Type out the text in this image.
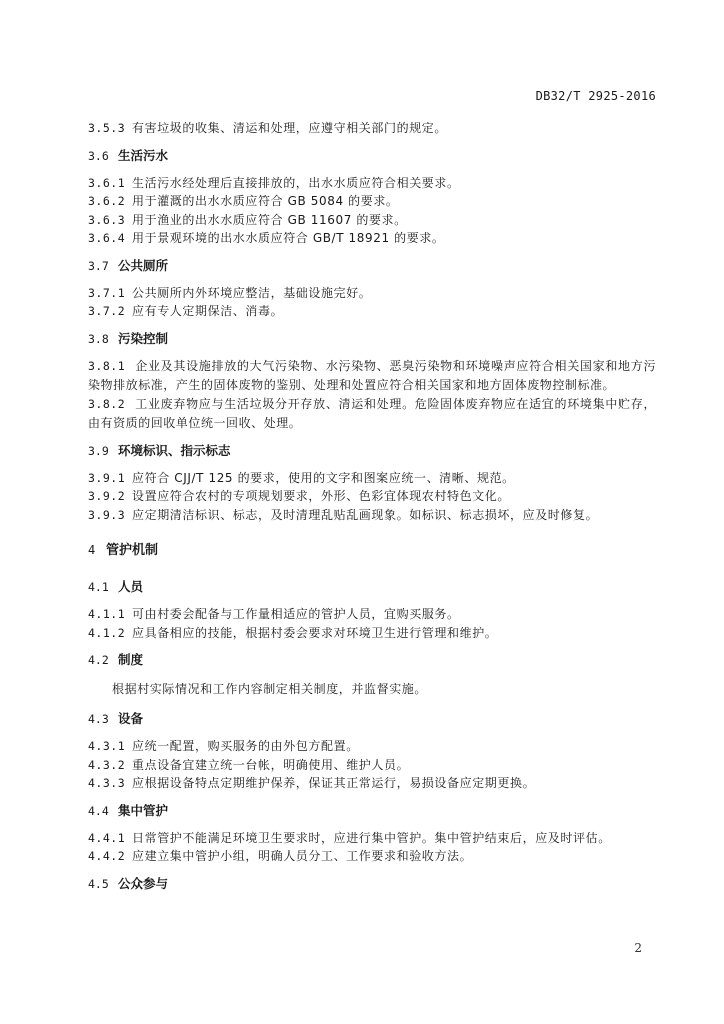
DB32/T 2925-2016
3.5.3 有害垃圾的收集、清运和处理，应遵守相关部门的规定。
3.6 生活污水
3.6.1 生活污水经处理后直接排放的，出水水质应符合相关要求。
3.6.2 用于灌溉的出水水质应符合 GB 5084 的要求。
3.6.3 用于渔业的出水水质应符合 GB 11607 的要求。
3.6.4 用于景观环境的出水水质应符合 GB/T 18921 的要求。
3.7 公共厕所
3.7.1 公共厕所内外环境应整洁，基础设施完好。
3.7.2 应有专人定期保洁、消毒。
3.8 污染控制
3.8.1 企业及其设施排放的大气污染物、水污染物、恶臭污染物和环境噪声应符合相关国家和地方污染物排放标准，产生的固体废物的鉴别、处理和处置应符合相关国家和地方固体废物控制标准。
3.8.2 工业废弃物应与生活垃圾分开存放、清运和处理。危险固体废弃物应在适宜的环境集中贮存，由有资质的回收单位统一回收、处理。
3.9 环境标识、指示标志
3.9.1 应符合 CJJ/T 125 的要求，使用的文字和图案应统一、清晰、规范。
3.9.2 设置应符合农村的专项规划要求，外形、色彩宜体现农村特色文化。
3.9.3 应定期清洁标识、标志，及时清理乱贴乱画现象。如标识、标志损坏，应及时修复。
4 管护机制
4.1 人员
4.1.1 可由村委会配备与工作量相适应的管护人员，宜购买服务。
4.1.2 应具备相应的技能，根据村委会要求对环境卫生进行管理和维护。
4.2 制度
根据村实际情况和工作内容制定相关制度，并监督实施。
4.3 设备
4.3.1 应统一配置，购买服务的由外包方配置。
4.3.2 重点设备宜建立统一台帐，明确使用、维护人员。
4.3.3 应根据设备特点定期维护保养，保证其正常运行，易损设备应定期更换。
4.4 集中管护
4.4.1 日常管护不能满足环境卫生要求时，应进行集中管护。集中管护结束后，应及时评估。
4.4.2 应建立集中管护小组，明确人员分工、工作要求和验收方法。
4.5 公众参与
2
